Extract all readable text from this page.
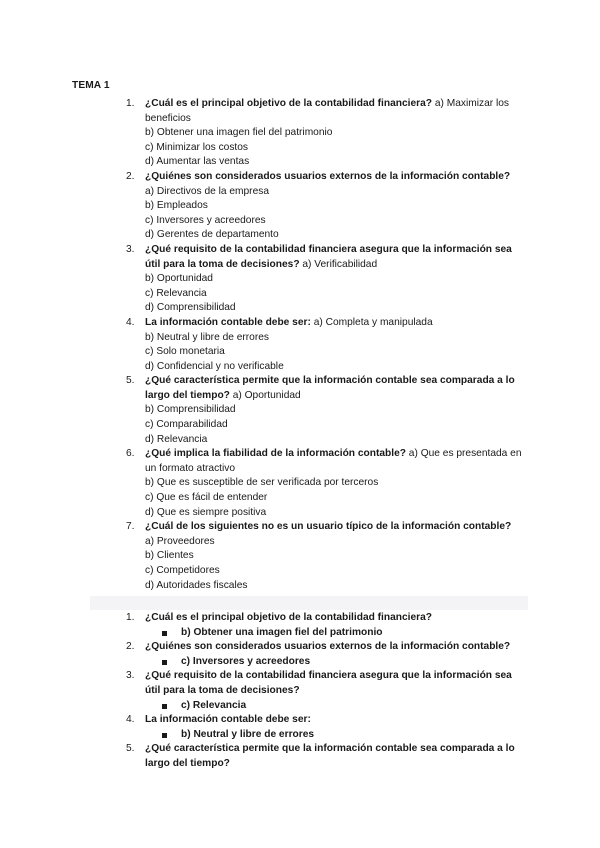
TEMA 1
1. ¿Cuál es el principal objetivo de la contabilidad financiera? a) Maximizar los beneficios
b) Obtener una imagen fiel del patrimonio
c) Minimizar los costos
d) Aumentar las ventas
2. ¿Quiénes son considerados usuarios externos de la información contable? a) Directivos de la empresa
b) Empleados
c) Inversores y acreedores
d) Gerentes de departamento
3. ¿Qué requisito de la contabilidad financiera asegura que la información sea útil para la toma de decisiones? a) Verificabilidad
b) Oportunidad
c) Relevancia
d) Comprensibilidad
4. La información contable debe ser: a) Completa y manipulada
b) Neutral y libre de errores
c) Solo monetaria
d) Confidencial y no verificable
5. ¿Qué característica permite que la información contable sea comparada a lo largo del tiempo? a) Oportunidad
b) Comprensibilidad
c) Comparabilidad
d) Relevancia
6. ¿Qué implica la fiabilidad de la información contable? a) Que es presentada en un formato atractivo
b) Que es susceptible de ser verificada por terceros
c) Que es fácil de entender
d) Que es siempre positiva
7. ¿Cuál de los siguientes no es un usuario típico de la información contable? a) Proveedores
b) Clientes
c) Competidores
d) Autoridades fiscales
1. ¿Cuál es el principal objetivo de la contabilidad financiera?
b) Obtener una imagen fiel del patrimonio
2. ¿Quiénes son considerados usuarios externos de la información contable?
c) Inversores y acreedores
3. ¿Qué requisito de la contabilidad financiera asegura que la información sea útil para la toma de decisiones?
c) Relevancia
4. La información contable debe ser:
b) Neutral y libre de errores
5. ¿Qué característica permite que la información contable sea comparada a lo largo del tiempo?
